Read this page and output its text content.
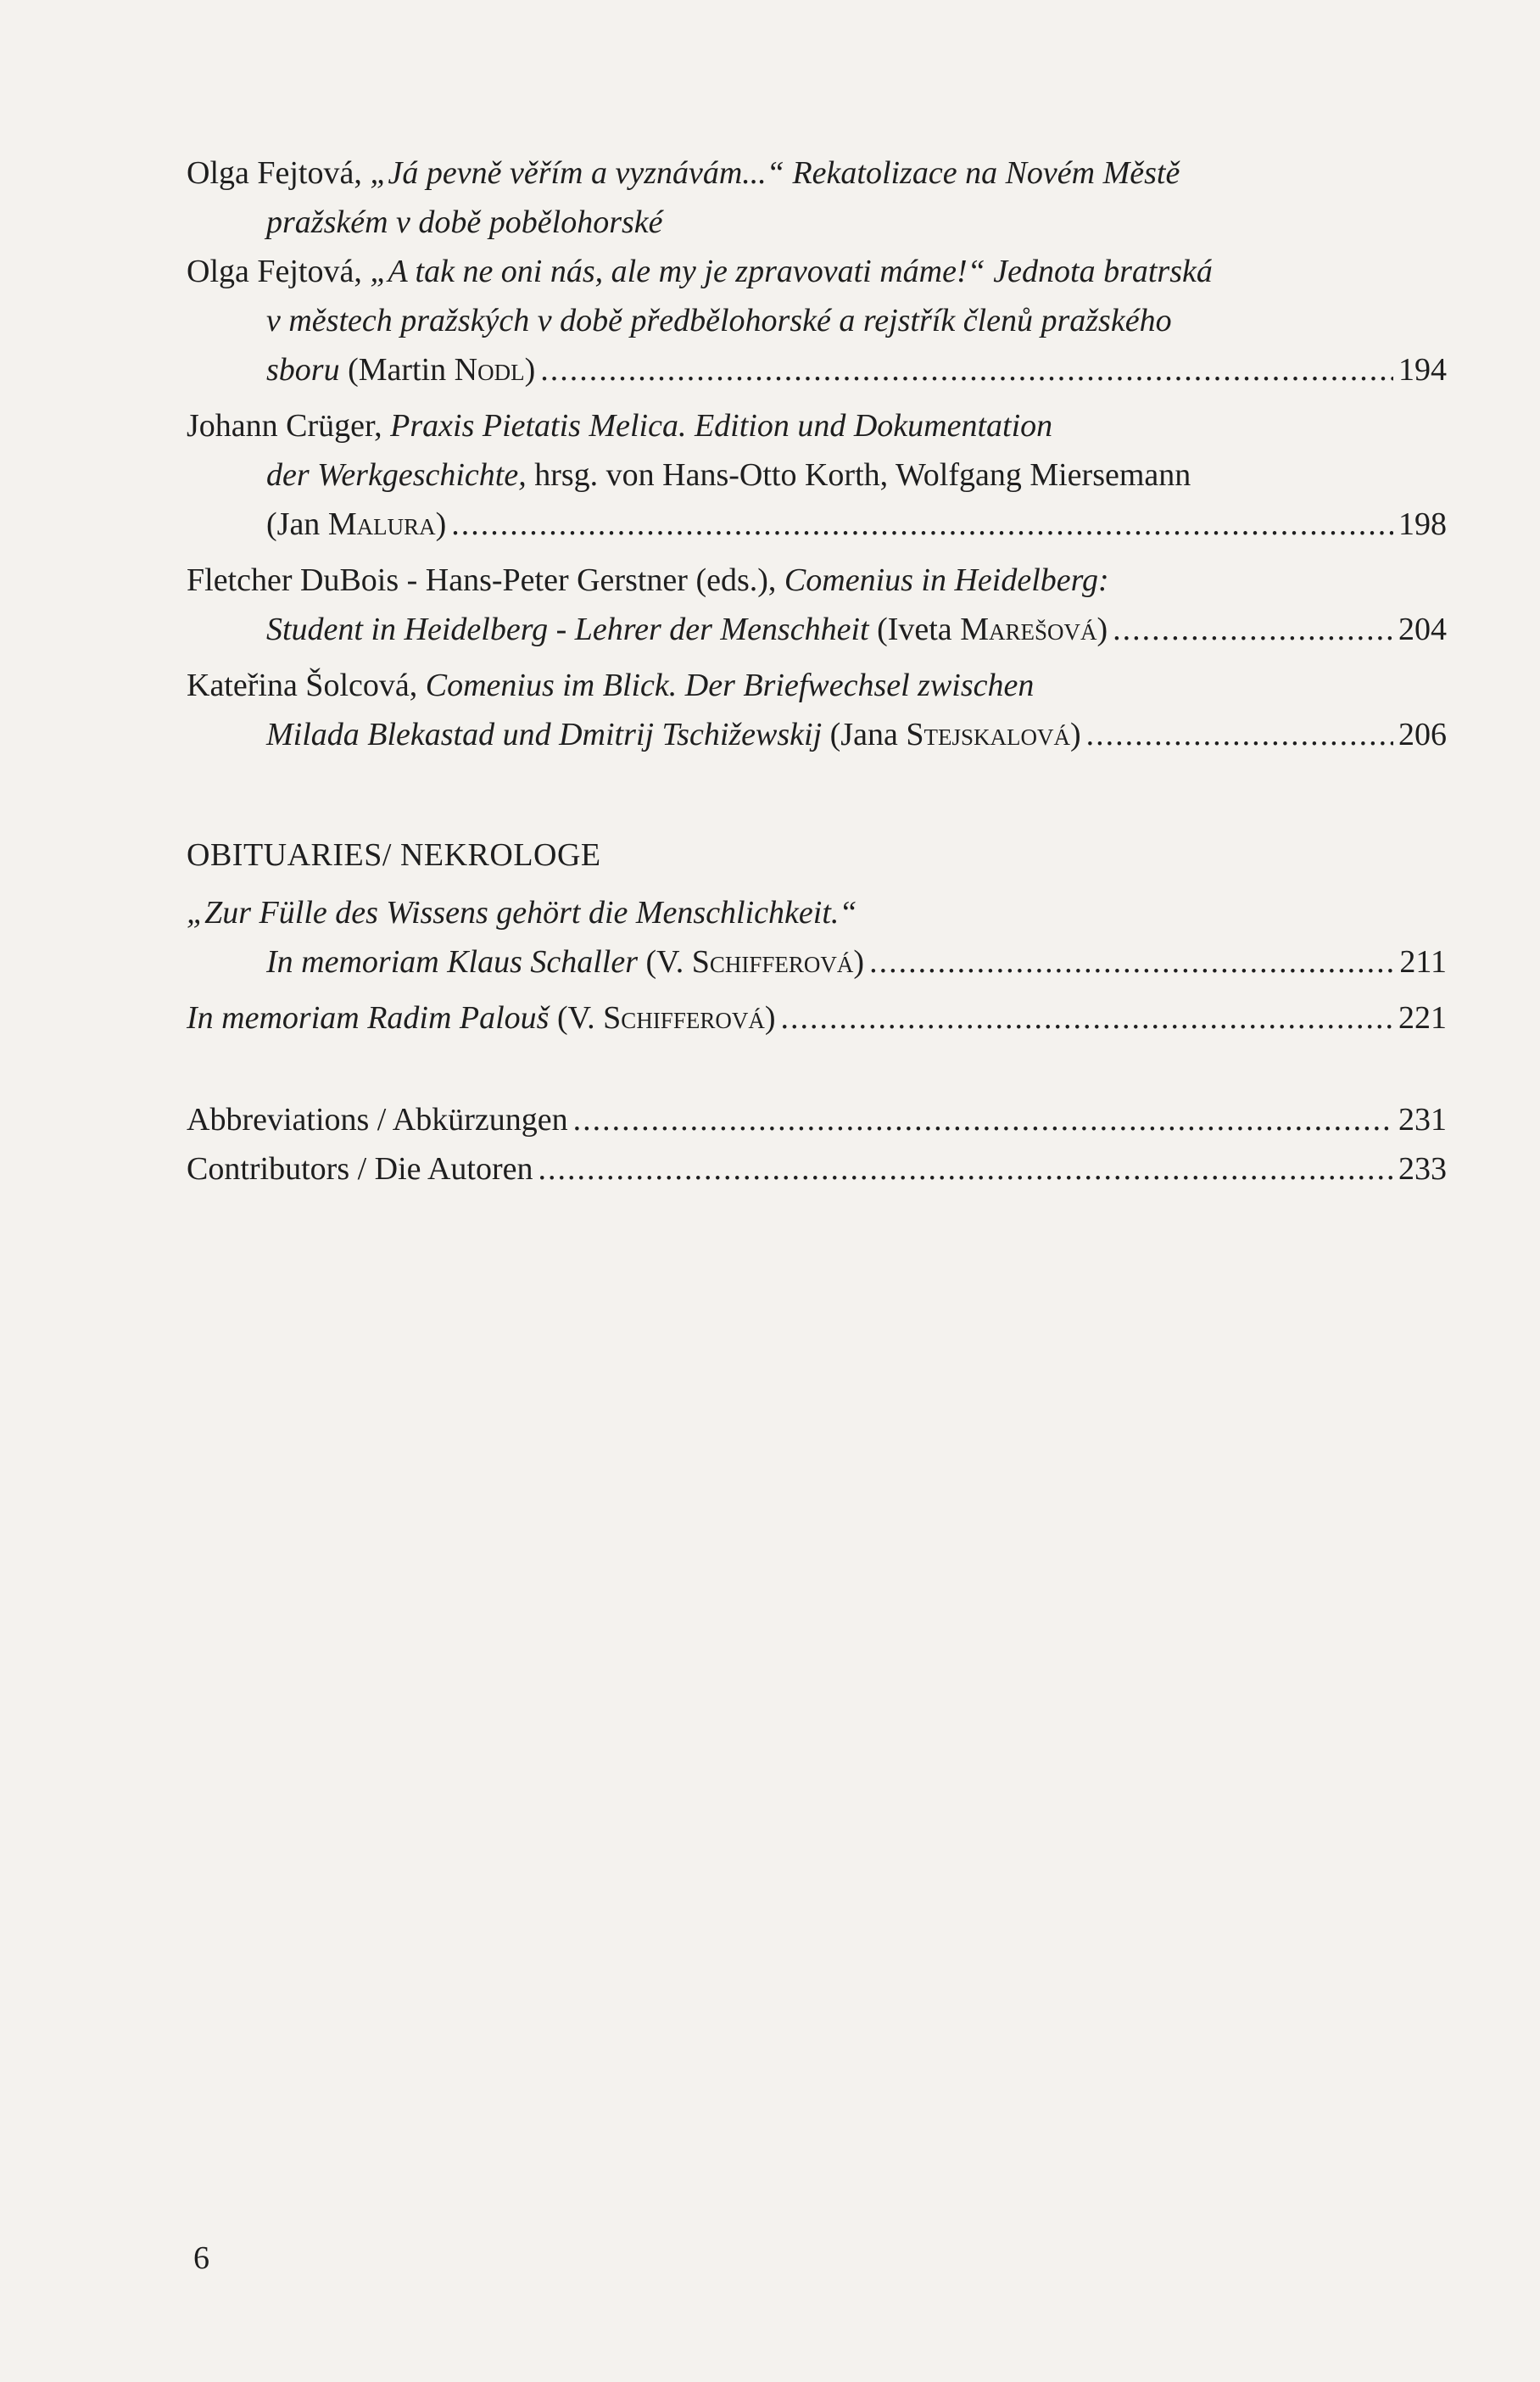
Olga Fejtová, „Já pevně věřím a vyznávám...“ Rekatolizace na Novém Městě
pražském v době pobělohorské
Olga Fejtová, „A tak ne oni nás, ale my je zpravovati máme!“ Jednota bratrská
v městech pražských v době předbělohorské a rejstřík členů pražského
sboru (Martin Nodl) .....	194
Johann Crüger, Praxis Pietatis Melica. Edition und Dokumentation
der Werkgeschichte, hrsg. von Hans-Otto Korth, Wolfgang Miersemann
(Jan Malura) .....	198
Fletcher DuBois - Hans-Peter Gerstner (eds.), Comenius in Heidelberg:
Student in Heidelberg - Lehrer der Menschheit (Iveta Marešová) .....	204
Kateřina Šolcová, Comenius im Blick. Der Briefwechsel zwischen
Milada Blekastad und Dmitrij Tschižewskij (Jana Stejskalová) .....	206
OBITUARIES/ NEKROLOGE
„Zur Fülle des Wissens gehört die Menschlichkeit.“
In memoriam Klaus Schaller (V. Schifferová) .....	211
In memoriam Radim Palouš (V. Schifferová) .....	221
Abbreviations / Abkürzungen .....	231
Contributors / Die Autoren .....	233
6
